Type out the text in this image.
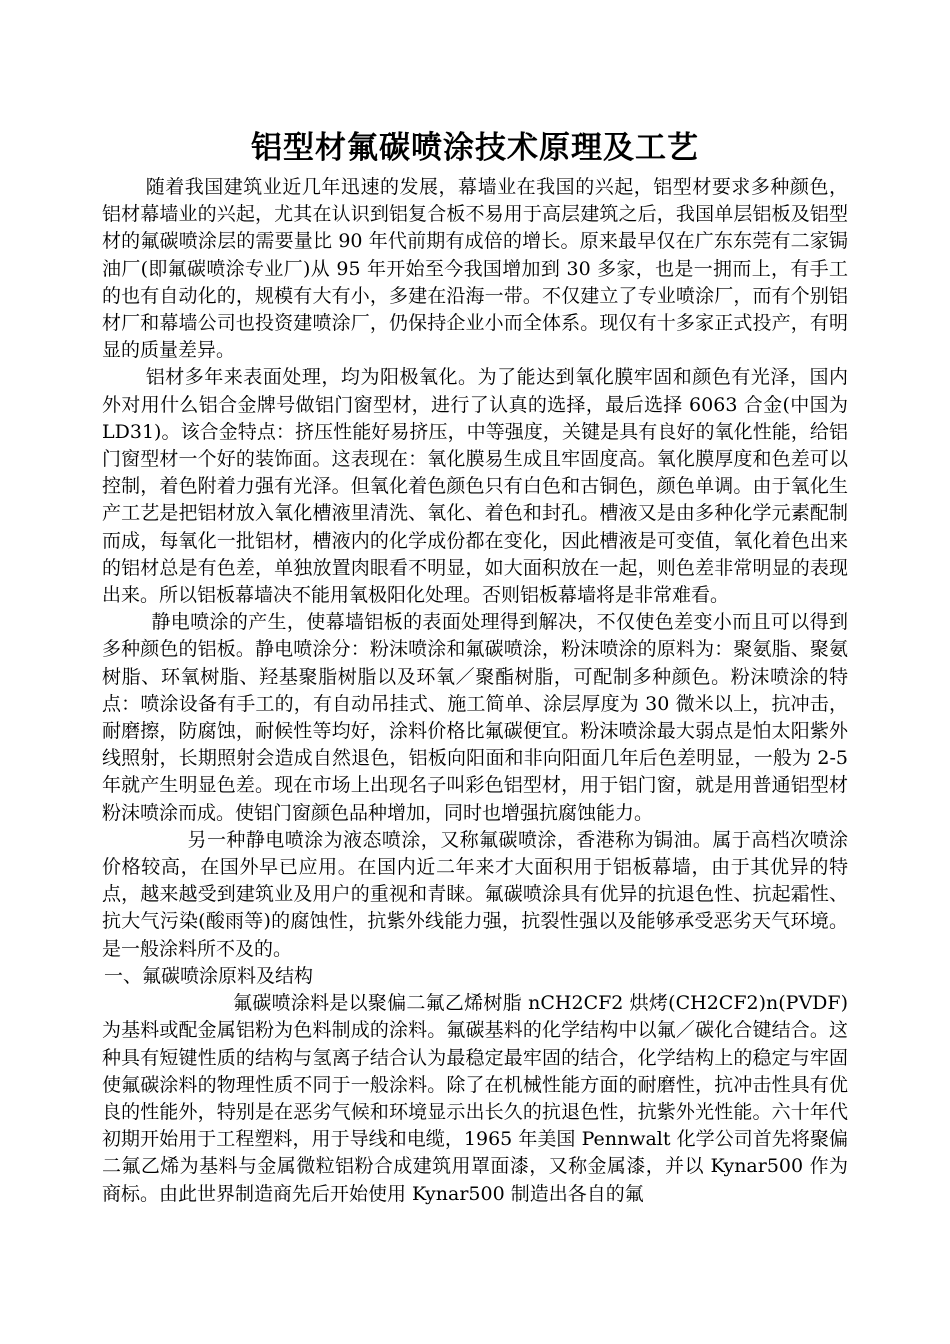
铝型材氟碳喷涂技术原理及工艺

随着我国建筑业近几年迅速的发展，幕墙业在我国的兴起，铝型材要求多种颜色，铝材幕墙业的兴起，尤其在认识到铝复合板不易用于高层建筑之后，我国单层铝板及铝型材的氟碳喷涂层的需要量比 90 年代前期有成倍的增长。原来最早仅在广东东莞有二家锔油厂(即氟碳喷涂专业厂)从 95 年开始至今我国增加到 30 多家，也是一拥而上，有手工的也有自动化的，规模有大有小，多建在沿海一带。不仅建立了专业喷涂厂，而有个别铝材厂和幕墙公司也投资建喷涂厂，仍保持企业小而全体系。现仅有十多家正式投产，有明显的质量差异。

铝材多年来表面处理，均为阳极氧化。为了能达到氧化膜牢固和颜色有光泽，国内外对用什么铝合金牌号做铝门窗型材，进行了认真的选择，最后选择 6063 合金(中国为 LD31)。该合金特点：挤压性能好易挤压，中等强度，关键是具有良好的氧化性能，给铝门窗型材一个好的装饰面。这表现在：氧化膜易生成且牢固度高。氧化膜厚度和色差可以控制，着色附着力强有光泽。但氧化着色颜色只有白色和古铜色，颜色单调。由于氧化生产工艺是把铝材放入氧化槽液里清洗、氧化、着色和封孔。槽液又是由多种化学元素配制而成，每氧化一批铝材，槽液内的化学成份都在变化，因此槽液是可变值，氧化着色出来的铝材总是有色差，单独放置肉眼看不明显，如大面积放在一起，则色差非常明显的表现出来。所以铝板幕墙决不能用氧极阳化处理。否则铝板幕墙将是非常难看。

静电喷涂的产生，使幕墙铝板的表面处理得到解决，不仅使色差变小而且可以得到多种颜色的铝板。静电喷涂分：粉沫喷涂和氟碳喷涂，粉沫喷涂的原料为：聚氨脂、聚氨树脂、环氧树脂、羟基聚脂树脂以及环氧／聚酯树脂，可配制多种颜色。粉沫喷涂的特点：喷涂设备有手工的，有自动吊挂式、施工简单、涂层厚度为 30 微米以上，抗冲击，耐磨擦，防腐蚀，耐候性等均好，涂料价格比氟碳便宜。粉沫喷涂最大弱点是怕太阳紫外线照射，长期照射会造成自然退色，铝板向阳面和非向阳面几年后色差明显，一般为 2-5 年就产生明显色差。现在市场上出现名子叫彩色铝型材，用于铝门窗，就是用普通铝型材粉沫喷涂而成。使铝门窗颜色品种增加，同时也增强抗腐蚀能力。

另一种静电喷涂为液态喷涂，又称氟碳喷涂，香港称为锔油。属于高档次喷涂价格较高，在国外早已应用。在国内近二年来才大面积用于铝板幕墙，由于其优异的特点，越来越受到建筑业及用户的重视和青睐。氟碳喷涂具有优异的抗退色性、抗起霜性、抗大气污染(酸雨等)的腐蚀性，抗紫外线能力强，抗裂性强以及能够承受恶劣天气环境。是一般涂料所不及的。

一、氟碳喷涂原料及结构

氟碳喷涂料是以聚偏二氟乙烯树脂 nCH2CF2 烘烤(CH2CF2)n(PVDF)为基料或配金属铝粉为色料制成的涂料。氟碳基料的化学结构中以氟／碳化合键结合。这种具有短键性质的结构与氢离子结合认为最稳定最牢固的结合，化学结构上的稳定与牢固使氟碳涂料的物理性质不同于一般涂料。除了在机械性能方面的耐磨性，抗冲击性具有优良的性能外，特别是在恶劣气候和环境显示出长久的抗退色性，抗紫外光性能。六十年代初期开始用于工程塑料，用于导线和电缆，1965 年美国 Pennwalt 化学公司首先将聚偏二氟乙烯为基料与金属微粒铝粉合成建筑用罩面漆，又称金属漆，并以 Kynar500 作为商标。由此世界制造商先后开始使用 Kynar500 制造出各自的氟
